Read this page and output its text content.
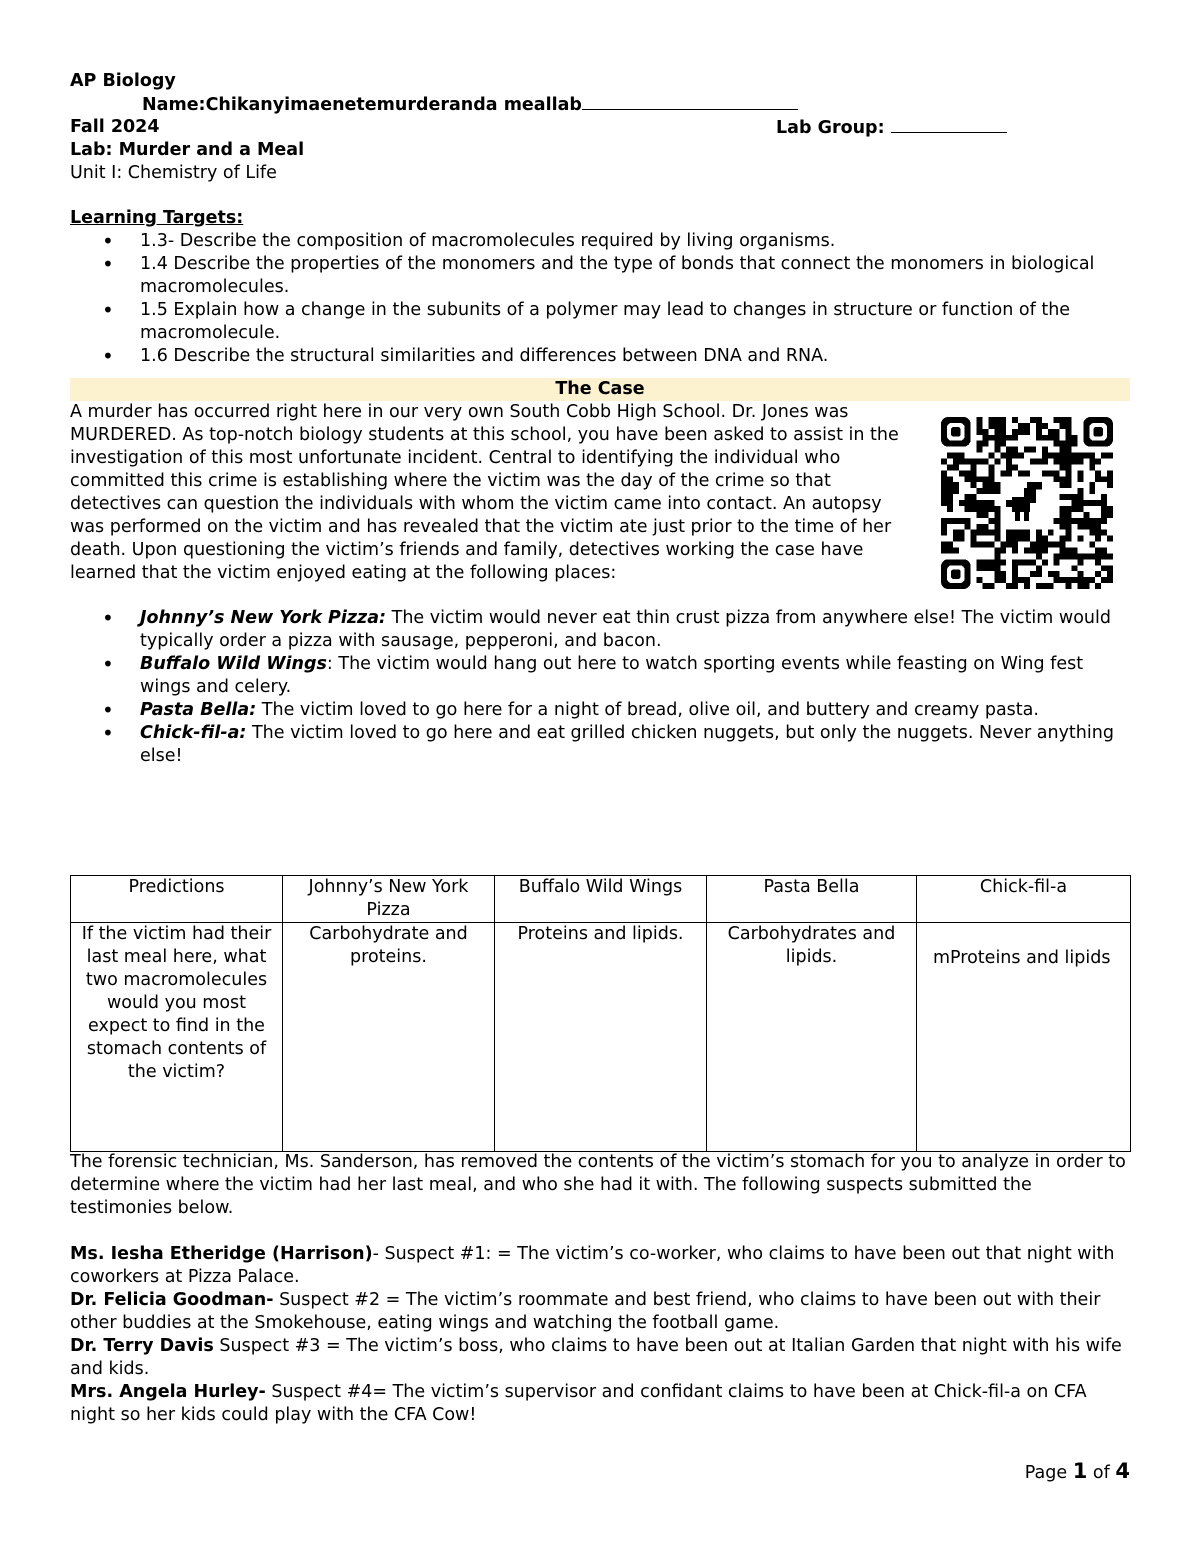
AP Biology
Name:Chikanyimaenetemurderanda meallab
Fall 2024	Lab Group:
Lab: Murder and a Meal
Unit I: Chemistry of Life
Learning Targets:
• 1.3- Describe the composition of macromolecules required by living organisms.
• 1.4 Describe the properties of the monomers and the type of bonds that connect the monomers in biological macromolecules.
• 1.5 Explain how a change in the subunits of a polymer may lead to changes in structure or function of the macromolecule.
• 1.6 Describe the structural similarities and differences between DNA and RNA.
The Case
A murder has occurred right here in our very own South Cobb High School. Dr. Jones was MURDERED. As top-notch biology students at this school, you have been asked to assist in the investigation of this most unfortunate incident. Central to identifying the individual who committed this crime is establishing where the victim was the day of the crime so that detectives can question the individuals with whom the victim came into contact. An autopsy was performed on the victim and has revealed that the victim ate just prior to the time of her death. Upon questioning the victim’s friends and family, detectives working the case have learned that the victim enjoyed eating at the following places:
• Johnny’s New York Pizza: The victim would never eat thin crust pizza from anywhere else! The victim would typically order a pizza with sausage, pepperoni, and bacon.
• Buffalo Wild Wings: The victim would hang out here to watch sporting events while feasting on Wing fest wings and celery.
• Pasta Bella: The victim loved to go here for a night of bread, olive oil, and buttery and creamy pasta.
• Chick-fil-a: The victim loved to go here and eat grilled chicken nuggets, but only the nuggets. Never anything else!
Predictions	Johnny’s New York Pizza	Buffalo Wild Wings	Pasta Bella	Chick-fil-a
If the victim had their last meal here, what two macromolecules would you most expect to find in the stomach contents of the victim?	Carbohydrate and proteins.	Proteins and lipids.	Carbohydrates and lipids.	mProteins and lipids
The forensic technician, Ms. Sanderson, has removed the contents of the victim’s stomach for you to analyze in order to determine where the victim had her last meal, and who she had it with. The following suspects submitted the testimonies below.
Ms. Iesha Etheridge (Harrison)- Suspect #1: = The victim’s co-worker, who claims to have been out that night with coworkers at Pizza Palace.
Dr. Felicia Goodman- Suspect #2 = The victim’s roommate and best friend, who claims to have been out with their other buddies at the Smokehouse, eating wings and watching the football game.
Dr. Terry Davis Suspect #3 = The victim’s boss, who claims to have been out at Italian Garden that night with his wife and kids.
Mrs. Angela Hurley- Suspect #4= The victim’s supervisor and confidant claims to have been at Chick-fil-a on CFA night so her kids could play with the CFA Cow!
Page 1 of 4
